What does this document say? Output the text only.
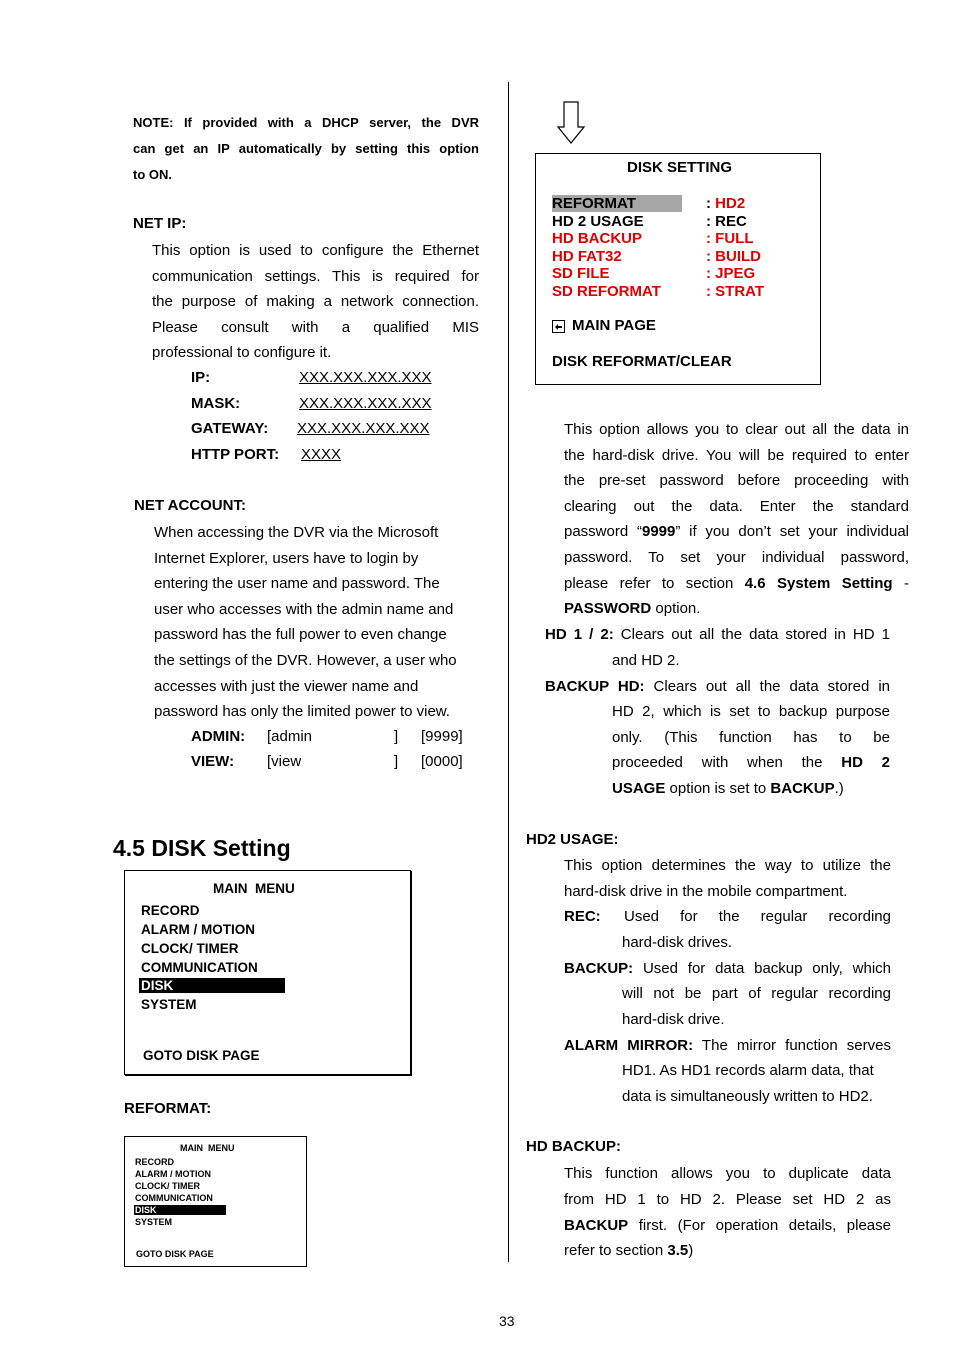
NOTE: If provided with a DHCP server, the DVR
can get an IP automatically by setting this option
to ON.
NET IP:
This option is used to configure the Ethernet
communication settings. This is required for
the purpose of making a network connection.
Please consult with a qualified MIS
professional to configure it.
IP:	XXX.XXX.XXX.XXX
MASK:	XXX.XXX.XXX.XXX
GATEWAY: XXX.XXX.XXX.XXX
HTTP PORT: XXXX
NET ACCOUNT:
When accessing the DVR via the Microsoft
Internet Explorer, users have to login by
entering the user name and password. The
user who accesses with the admin name and
password has the full power to even change
the settings of the DVR. However, a user who
accesses with just the viewer name and
password has only the limited power to view.
ADMIN: [admin	] [9999]
VIEW: [view	] [0000]
4.5 DISK Setting
MAIN  MENU
RECORD
ALARM / MOTION
CLOCK/ TIMER
COMMUNICATION
DISK
SYSTEM
GOTO DISK PAGE
REFORMAT:
MAIN  MENU
RECORD
ALARM / MOTION
CLOCK/ TIMER
COMMUNICATION
DISK
SYSTEM
GOTO DISK PAGE
DISK SETTING
REFORMAT	: HD2
HD 2 USAGE	: REC
HD BACKUP	: FULL
HD FAT32	: BUILD
SD FILE	: JPEG
SD REFORMAT	: STRAT
MAIN PAGE
DISK REFORMAT/CLEAR
This option allows you to clear out all the data in
the hard-disk drive. You will be required to enter
the pre-set password before proceeding with
clearing out the data. Enter the standard
password “9999” if you don’t set your individual
password. To set your individual password,
please refer to section 4.6 System Setting -
PASSWORD option.
HD 1 / 2: Clears out all the data stored in HD 1
and HD 2.
BACKUP HD: Clears out all the data stored in
HD 2, which is set to backup purpose
only. (This function has to be
proceeded with when the HD 2
USAGE option is set to BACKUP.)
HD2 USAGE:
This option determines the way to utilize the
hard-disk drive in the mobile compartment.
REC: Used for the regular recording
hard-disk drives.
BACKUP: Used for data backup only, which
will not be part of regular recording
hard-disk drive.
ALARM MIRROR: The mirror function serves
HD1. As HD1 records alarm data, that
data is simultaneously written to HD2.
HD BACKUP:
This function allows you to duplicate data
from HD 1 to HD 2. Please set HD 2 as
BACKUP first. (For operation details, please
refer to section 3.5)
33
